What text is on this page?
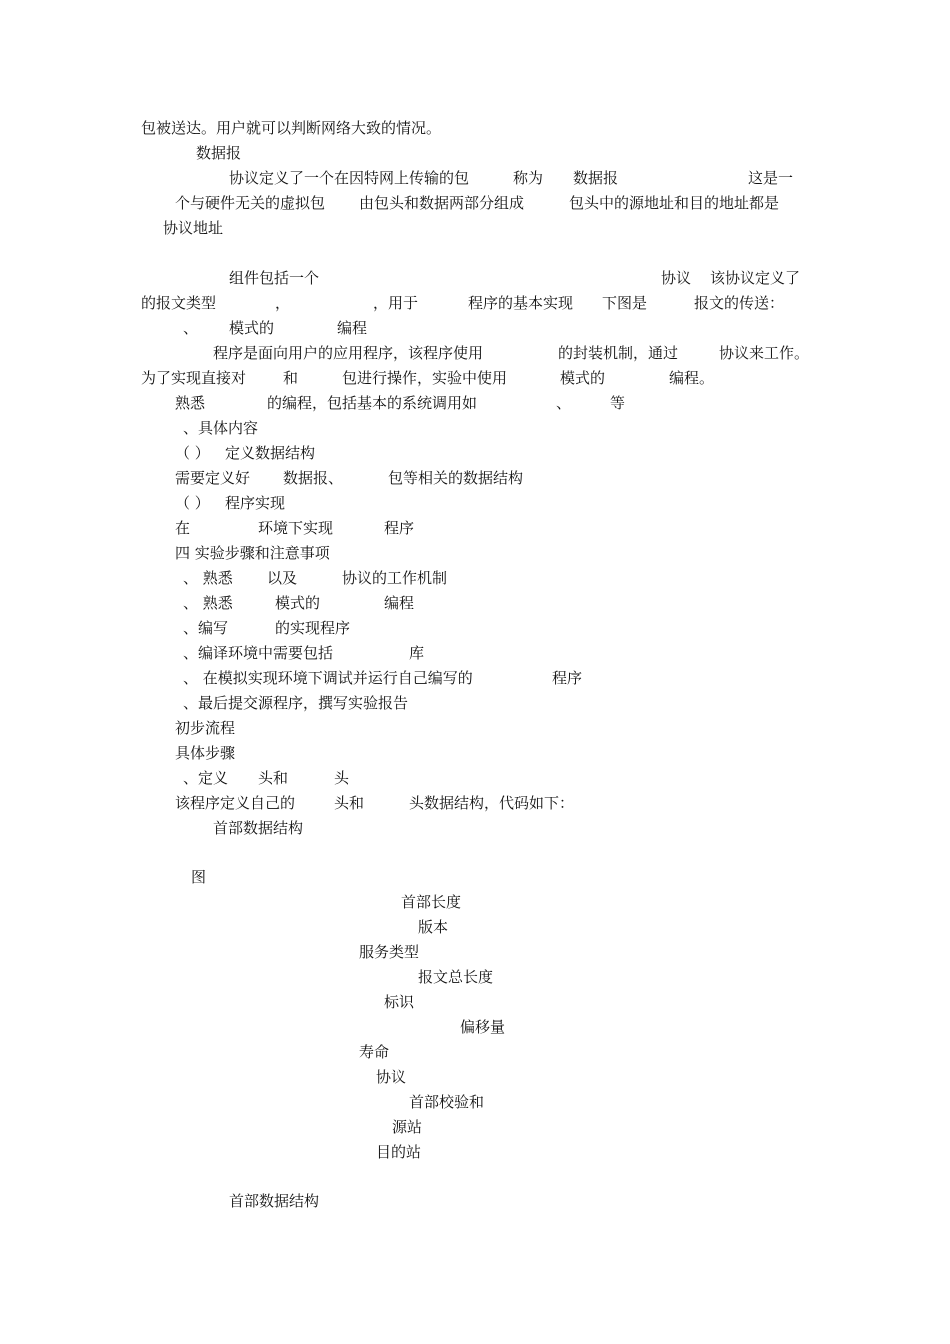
包被送达。用户就可以判断网络大致的情况。
数据报
协议定义了一个在因特网上传输的包	称为 数据报	这是一
个与硬件无关的虚拟包 由包头和数据两部分组成	包头中的源地址和目的地址都是
协议地址
组件包括一个	协议 该协议定义了
的报文类型	，	，用于	程序的基本实现 下图是	报文的传送：
、 模式的	编程
程序是面向用户的应用程序，该程序使用	的封装机制，通过	协议来工作。
为了实现直接对 和	包进行操作，实验中使用	模式的	编程。
熟悉	的编程，包括基本的系统调用如	、	等
、具体内容
（ ） 定义数据结构
需要定义好 数据报、	包等相关的数据结构
（ ） 程序实现
在	环境下实现	程序
四 实验步骤和注意事项
、 熟悉 以及	协议的工作机制
、 熟悉	模式的	编程
、编写	的实现程序
、编译环境中需要包括	库
、 在模拟实现环境下调试并运行自己编写的	程序
、最后提交源程序，撰写实验报告
初步流程
具体步骤
、定义 头和	头
该程序定义自己的	头和	头数据结构，代码如下：
首部数据结构
图
首部长度
版本
服务类型
报文总长度
标识
偏移量
寿命
协议
首部校验和
源站
目的站
首部数据结构
